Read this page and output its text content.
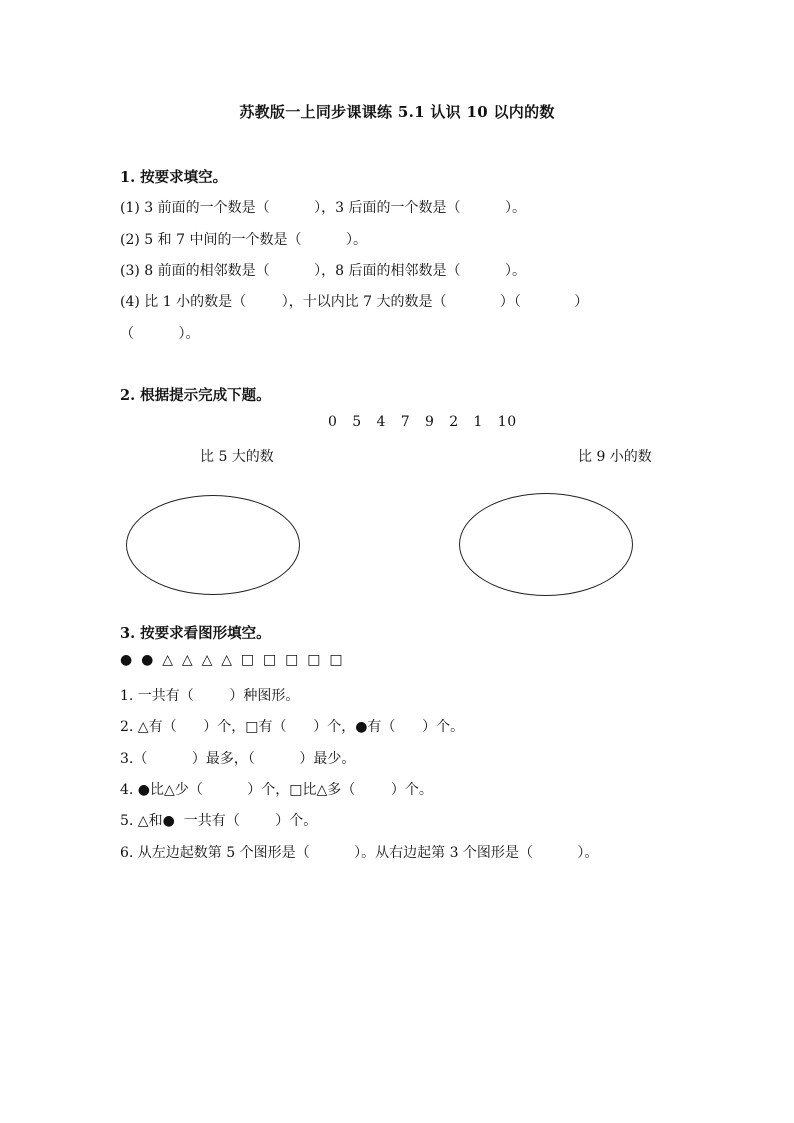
苏教版一上同步课课练 5.1 认识 10 以内的数
1. 按要求填空。
(1) 3 前面的一个数是（          ），3 后面的一个数是（          ）。
(2) 5 和 7 中间的一个数是（          ）。
(3) 8 前面的相邻数是（          ），8 后面的相邻数是（          ）。
(4) 比 1 小的数是（        ），十以内比 7 大的数是（            ）（            ）
（          ）。
2. 根据提示完成下题。
0   5   4   7   9   2   1   10
比 5 大的数	比 9 小的数
3. 按要求看图形填空。
●  ●  △  △  △  △  □  □  □  □  □
1. 一共有（        ）种图形。
2. △有（      ）个，□有（      ）个，●有（      ）个。
3.（          ）最多，（          ）最少。
4. ●比△少（          ）个，□比△多（        ）个。
5. △和●  一共有（        ）个。
6. 从左边起数第 5 个图形是（          ）。从右边起第 3 个图形是（          ）。
